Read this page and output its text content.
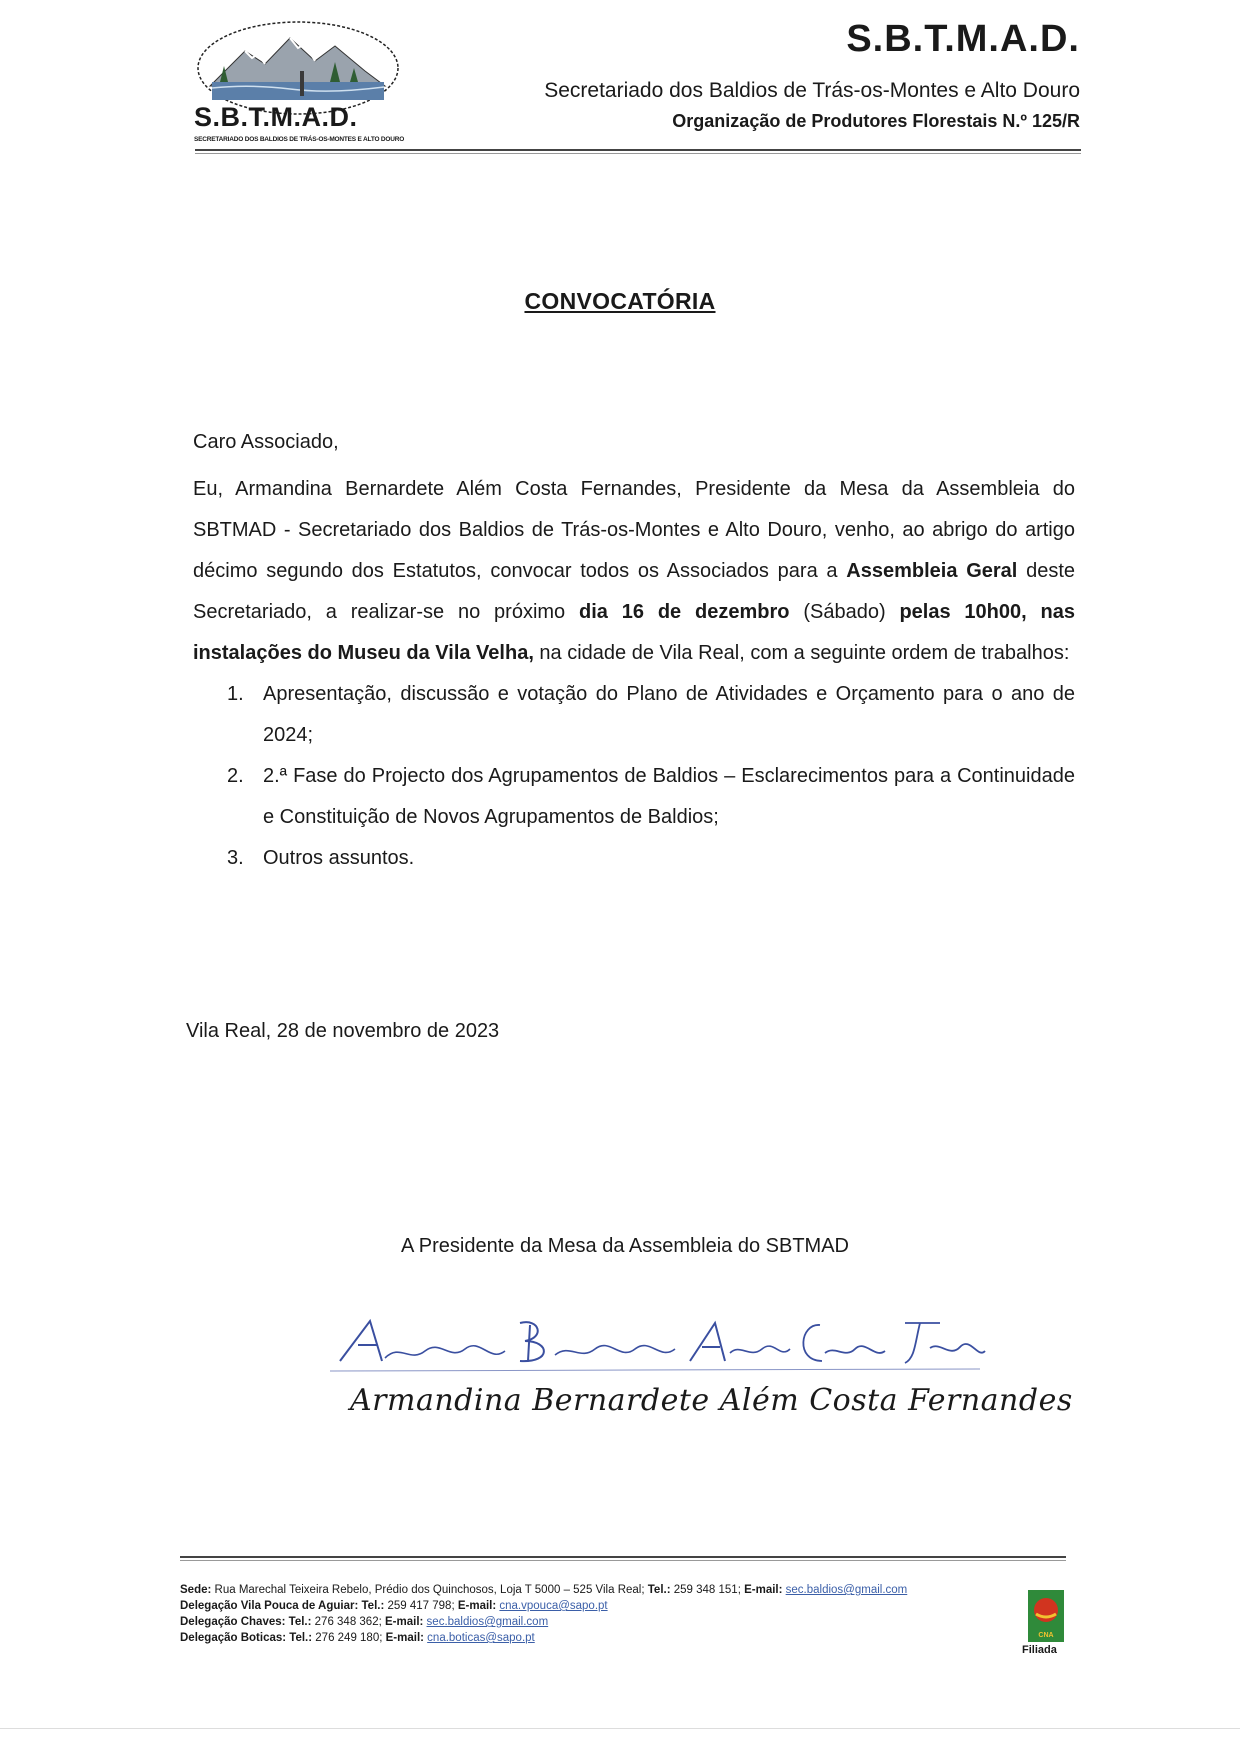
S.B.T.M.A.D.
SECRETARIADO DOS BALDIOS DE TRÁS-OS-MONTES E ALTO DOURO
S.B.T.M.A.D.
Secretariado dos Baldios de Trás-os-Montes e Alto Douro
Organização de Produtores Florestais N.º 125/R
CONVOCATÓRIA

Caro Associado,

Eu, Armandina Bernardete Além Costa Fernandes, Presidente da Mesa da Assembleia do SBTMAD - Secretariado dos Baldios de Trás-os-Montes e Alto Douro, venho, ao abrigo do artigo décimo segundo dos Estatutos, convocar todos os Associados para a Assembleia Geral deste Secretariado, a realizar-se no próximo dia 16 de dezembro (Sábado) pelas 10h00, nas instalações do Museu da Vila Velha, na cidade de Vila Real, com a seguinte ordem de trabalhos:

1. Apresentação, discussão e votação do Plano de Atividades e Orçamento para o ano de 2024;
2. 2.ª Fase do Projecto dos Agrupamentos de Baldios – Esclarecimentos para a Continuidade e Constituição de Novos Agrupamentos de Baldios;
3. Outros assuntos.
Vila Real, 28 de novembro de 2023
A Presidente da Mesa da Assembleia do SBTMAD
Armandina Bernardete Além Costa Fernandes
Sede: Rua Marechal Teixeira Rebelo, Prédio dos Quinchosos, Loja T 5000 – 525 Vila Real; Tel.: 259 348 151; E-mail: sec.baldios@gmail.com
Delegação Vila Pouca de Aguiar: Tel.: 259 417 798; E-mail: cna.vpouca@sapo.pt
Delegação Chaves: Tel.: 276 348 362; E-mail: sec.baldios@gmail.com
Delegação Boticas: Tel.: 276 249 180; E-mail: cna.boticas@sapo.pt	CNA
Filiada
